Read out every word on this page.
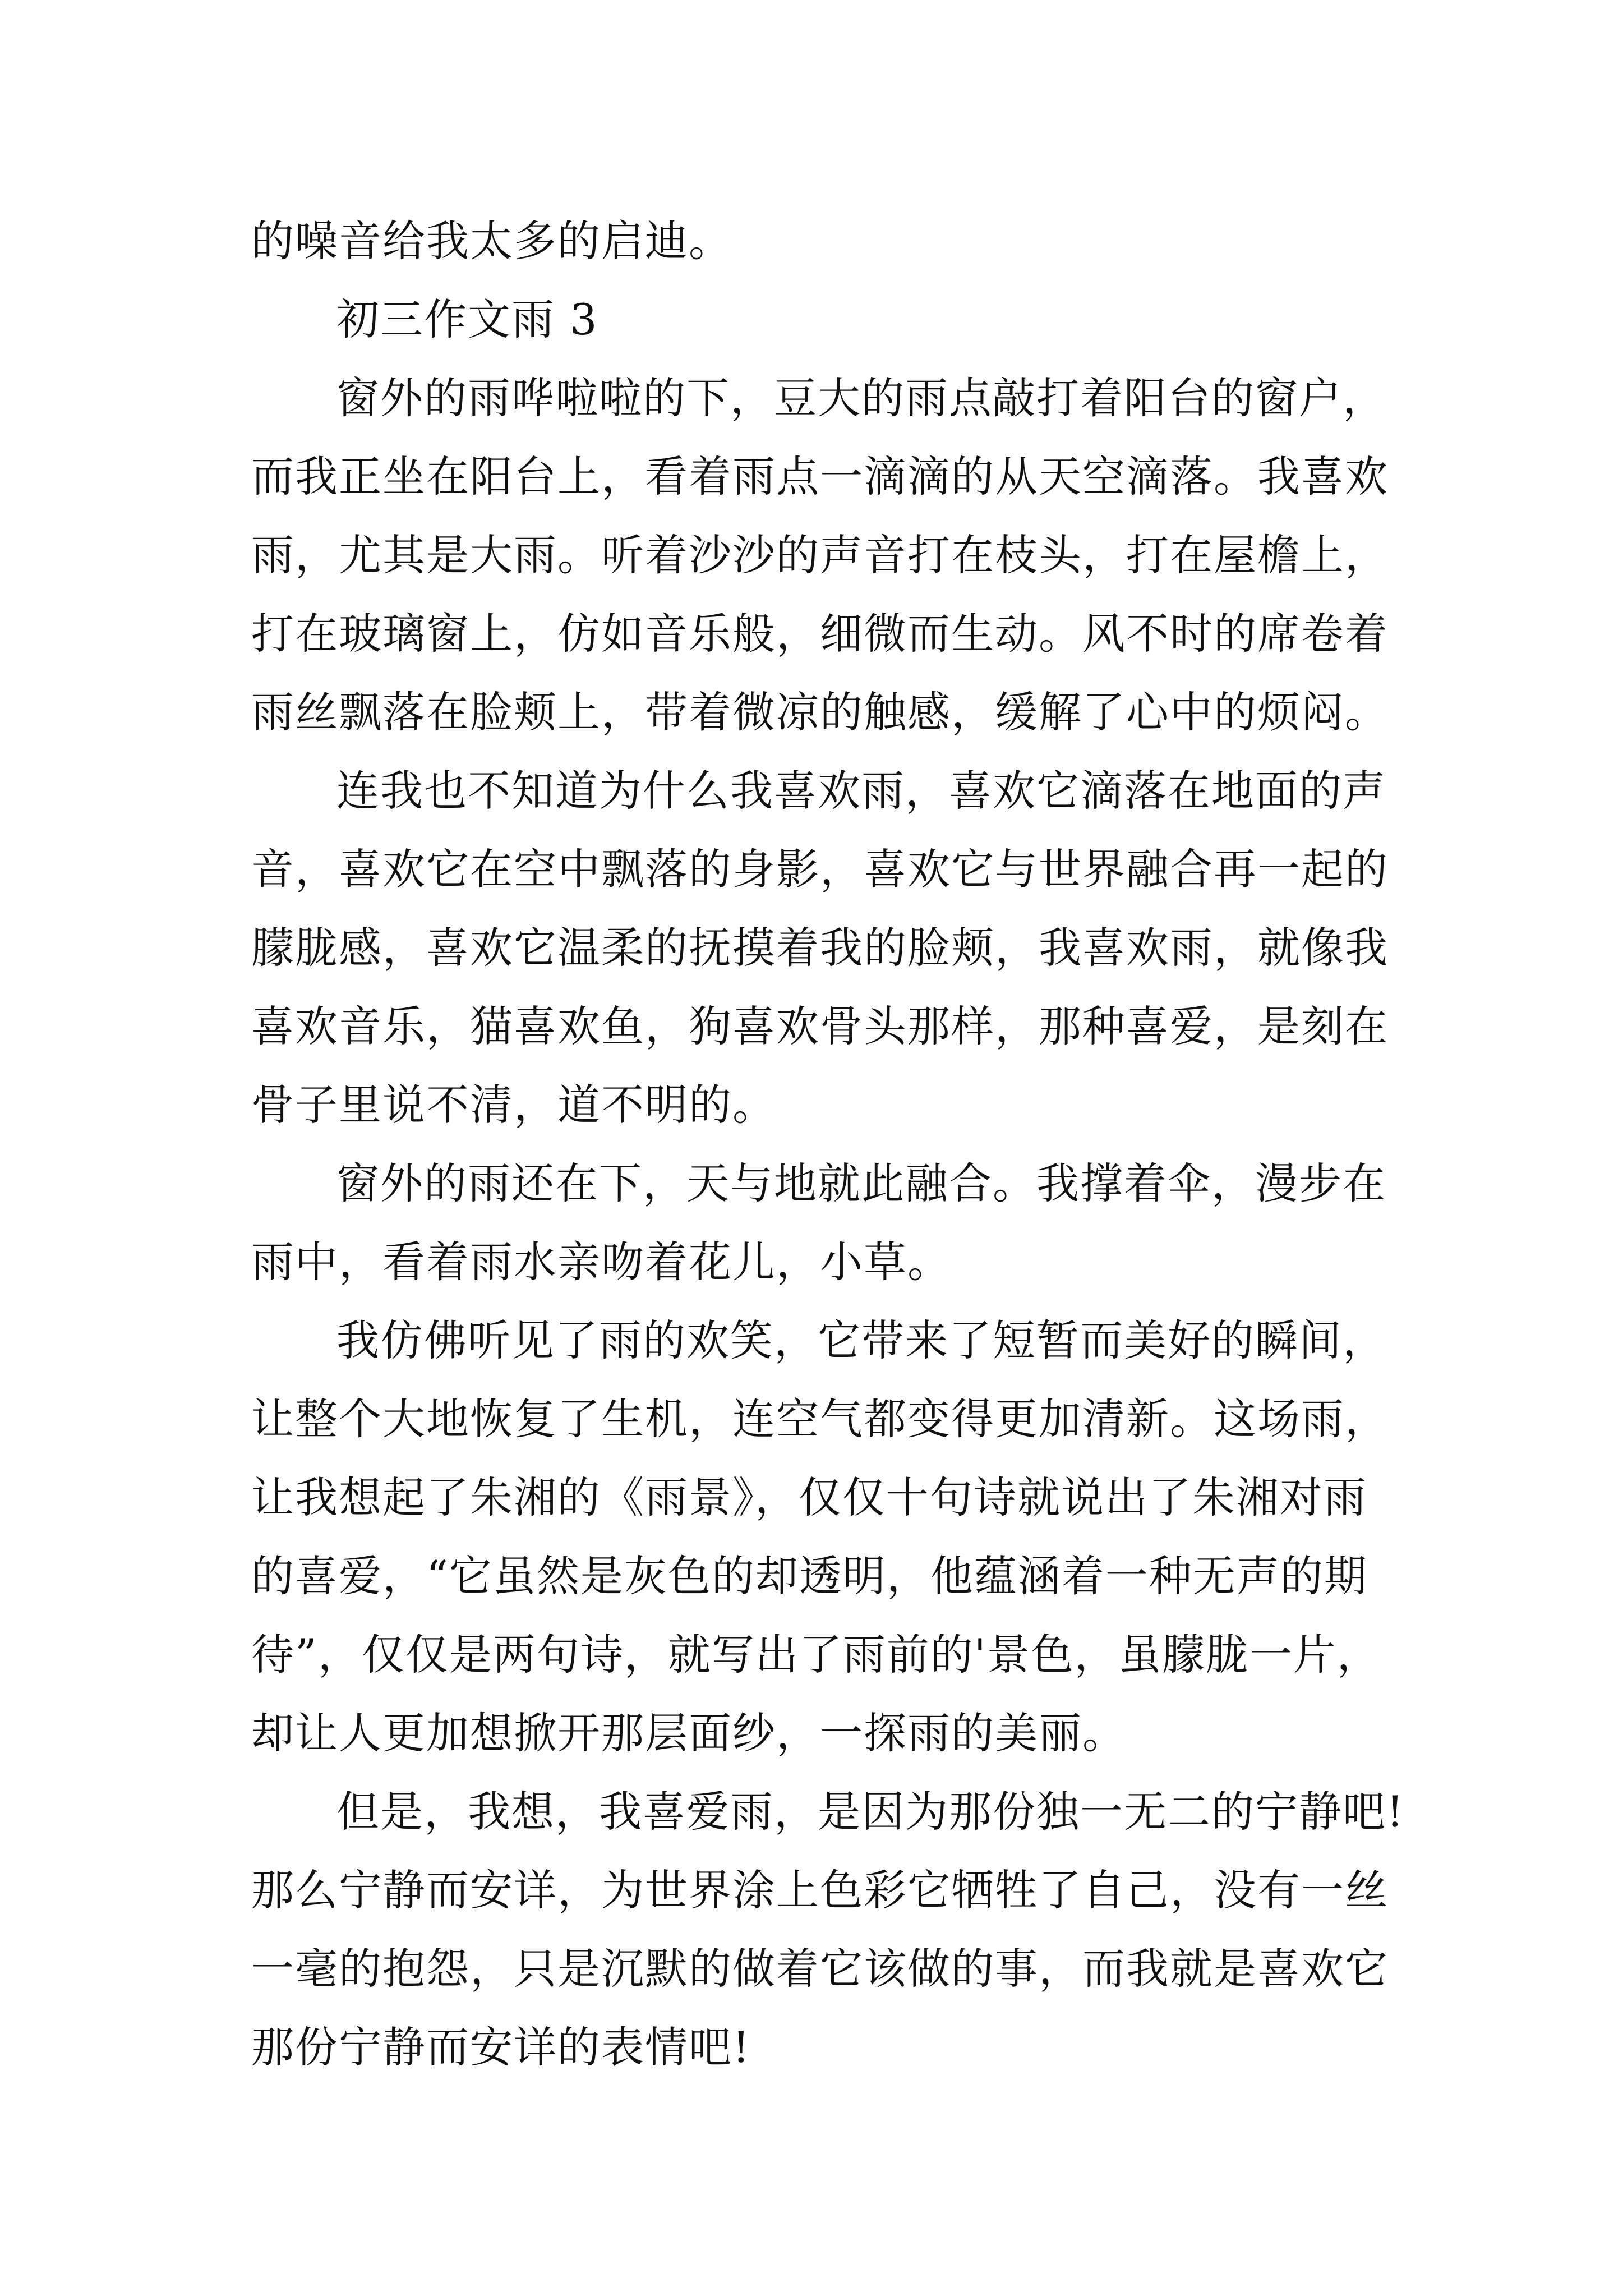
的噪音给我太多的启迪。
初三作文雨 3
窗外的雨哗啦啦的下，豆大的雨点敲打着阳台的窗户，
而我正坐在阳台上，看着雨点一滴滴的从天空滴落。我喜欢
雨，尤其是大雨。听着沙沙的声音打在枝头，打在屋檐上，
打在玻璃窗上，仿如音乐般，细微而生动。风不时的席卷着
雨丝飘落在脸颊上，带着微凉的触感，缓解了心中的烦闷。
连我也不知道为什么我喜欢雨，喜欢它滴落在地面的声
音，喜欢它在空中飘落的身影，喜欢它与世界融合再一起的
朦胧感，喜欢它温柔的抚摸着我的脸颊，我喜欢雨，就像我
喜欢音乐，猫喜欢鱼，狗喜欢骨头那样，那种喜爱，是刻在
骨子里说不清，道不明的。
窗外的雨还在下，天与地就此融合。我撑着伞，漫步在
雨中，看着雨水亲吻着花儿，小草。
我仿佛听见了雨的欢笑，它带来了短暂而美好的瞬间，
让整个大地恢复了生机，连空气都变得更加清新。这场雨，
让我想起了朱湘的《雨景》，仅仅十句诗就说出了朱湘对雨
的喜爱，“它虽然是灰色的却透明，他蕴涵着一种无声的期
待”，仅仅是两句诗，就写出了雨前的'景色，虽朦胧一片，
却让人更加想掀开那层面纱，一探雨的美丽。
但是，我想，我喜爱雨，是因为那份独一无二的宁静吧!
那么宁静而安详，为世界涂上色彩它牺牲了自己，没有一丝
一毫的抱怨，只是沉默的做着它该做的事，而我就是喜欢它
那份宁静而安详的表情吧!
